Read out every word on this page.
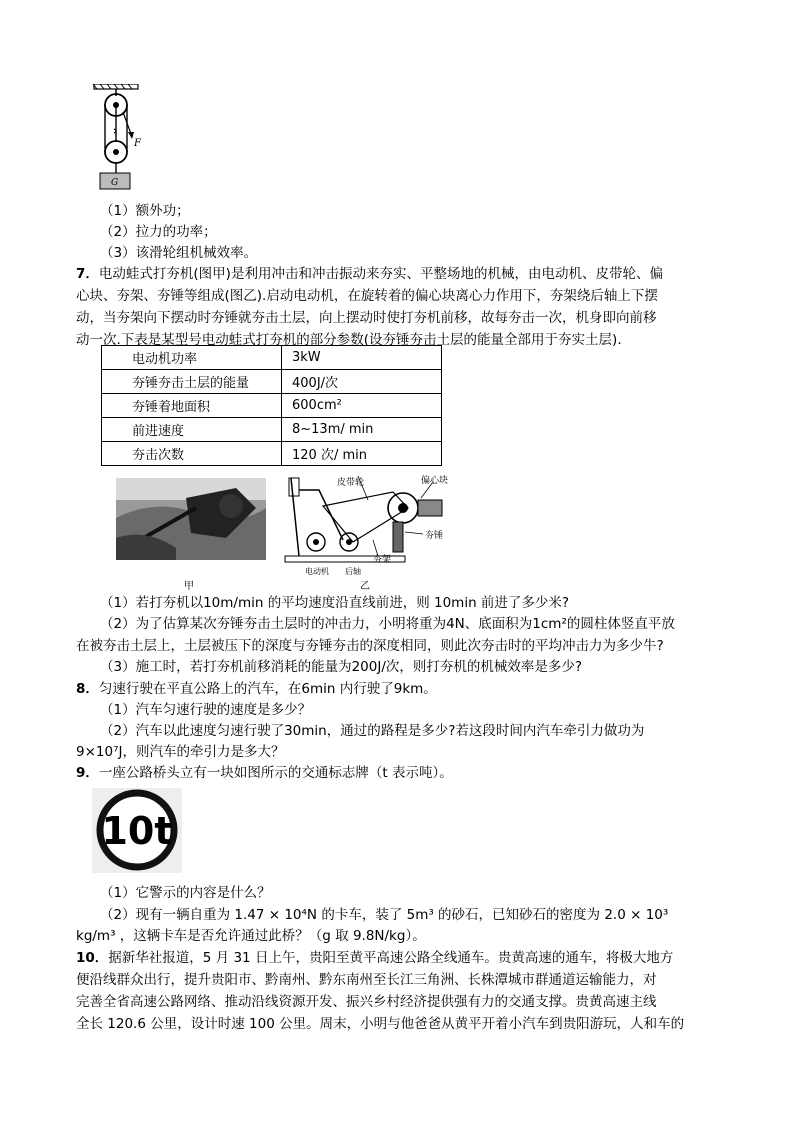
F
G
（1）额外功；
（2）拉力的功率；
（3）该滑轮组机械效率。
7．电动蛙式打夯机(图甲)是利用冲击和冲击振动来夯实、平整场地的机械，由电动机、皮带轮、偏
心块、夯架、夯锤等组成(图乙).启动电动机，在旋转着的偏心块离心力作用下，夯架绕后轴上下摆
动，当夯架向下摆动时夯锤就夯击土层，向上摆动时使打夯机前移，故每夯击一次，机身即向前移
动一次.下表是某型号电动蛙式打夯机的部分参数(设夯锤夯击土层的能量全部用于夯实土层).
电动机功率	3kW
夯锤夯击土层的能量	400J/次
夯锤着地面积	600cm²
前进速度	8~13m/ min
夯击次数	120 次/ min
甲
皮带轮	偏心块
夯锤
夯架
电动机 后轴
乙
（1）若打夯机以10m/min 的平均速度沿直线前进，则 10min 前进了多少米?
（2）为了估算某次夯锤夯击土层时的冲击力，小明将重为4N、底面积为1cm²的圆柱体竖直平放
在被夯击土层上，土层被压下的深度与夯锤夯击的深度相同，则此次夯击时的平均冲击力为多少牛?
（3）施工时，若打夯机前移消耗的能量为200J/次，则打夯机的机械效率是多少?
8．匀速行驶在平直公路上的汽车，在6min 内行驶了9km。
（1）汽车匀速行驶的速度是多少？
（2）汽车以此速度匀速行驶了30min，通过的路程是多少?若这段时间内汽车牵引力做功为
9×10⁷J，则汽车的牵引力是多大？
9．一座公路桥头立有一块如图所示的交通标志牌（t 表示吨）。
10t
（1）它警示的内容是什么？
（2）现有一辆自重为 1.47 × 10⁴N 的卡车，装了 5m³ 的砂石，已知砂石的密度为 2.0 × 10³
kg/m³ ，这辆卡车是否允许通过此桥？（g 取 9.8N/kg）。
10．据新华社报道，5 月 31 日上午，贵阳至黄平高速公路全线通车。贵黄高速的通车，将极大地方
便沿线群众出行，提升贵阳市、黔南州、黔东南州至长江三角洲、长株潭城市群通道运输能力，对
完善全省高速公路网络、推动沿线资源开发、振兴乡村经济提供强有力的交通支撑。贵黄高速主线
全长 120.6 公里，设计时速 100 公里。周末，小明与他爸爸从黄平开着小汽车到贵阳游玩，人和车的
